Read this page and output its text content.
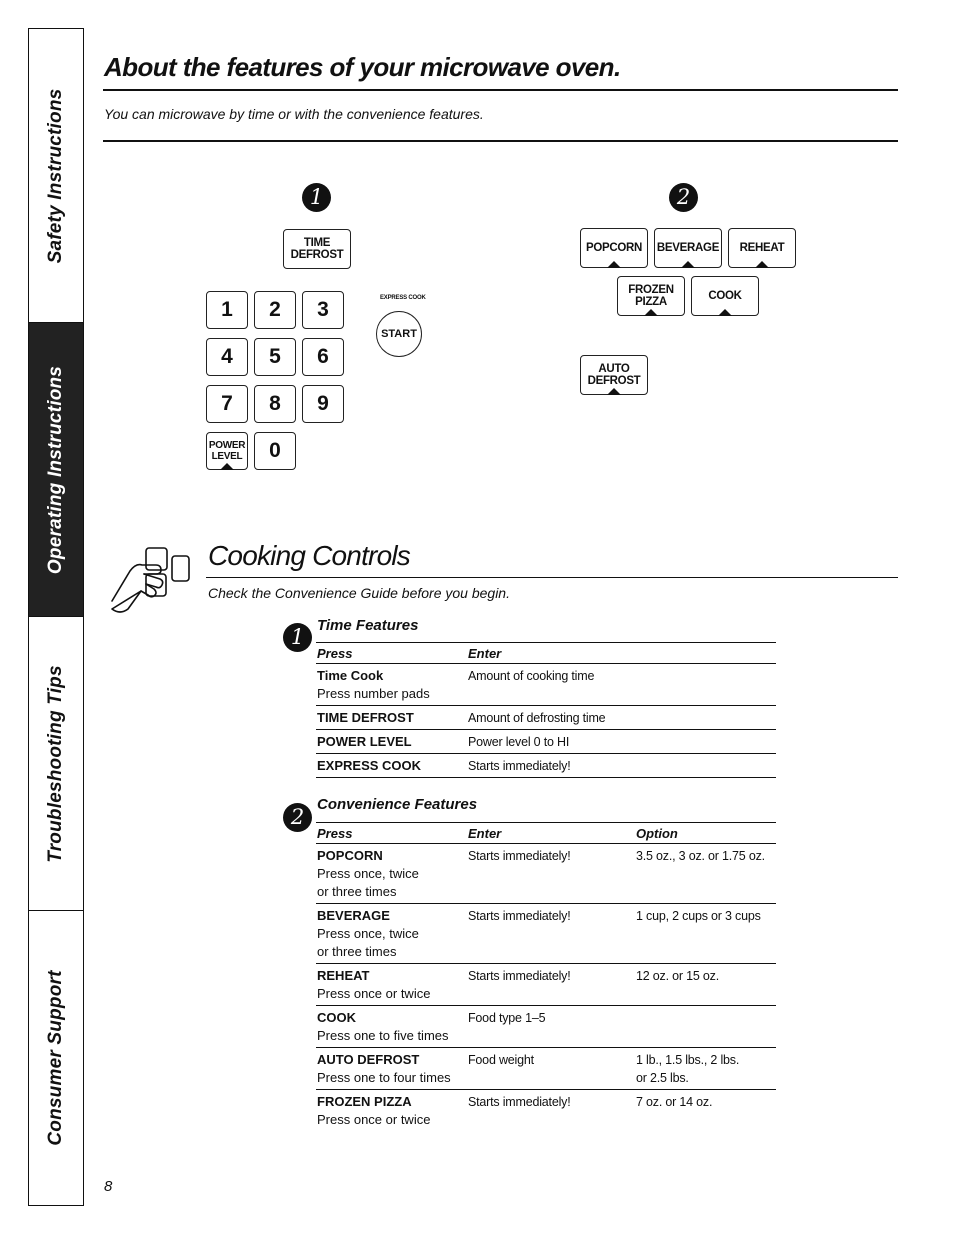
Safety Instructions
Operating Instructions
Troubleshooting Tips
Consumer Support
About the features of your microwave oven.
You can microwave by time or with the convenience features.
1	2
TIME
DEFROST
1	2	3
4	5	6
7	8	9
POWER
LEVEL	0
EXPRESS COOK
START
POPCORN BEVERAGE REHEAT
FROZEN
PIZZA	COOK
AUTO
DEFROST
Cooking Controls
Check the Convenience Guide before you begin.
1 Time Features
Press	Enter
Time Cook
Press number pads	Amount of cooking time
TIME DEFROST	Amount of defrosting time
POWER LEVEL	Power level 0 to HI
EXPRESS COOK	Starts immediately!
2
Convenience Features
Press	Enter	Option
POPCORN
Press once, twice
or three times	Starts immediately!	3.5 oz., 3 oz. or 1.75 oz.
BEVERAGE
Press once, twice
or three times	Starts immediately!	1 cup, 2 cups or 3 cups
REHEAT
Press once or twice	Starts immediately!	12 oz. or 15 oz.
COOK
Press one to five times	Food type 1–5	
AUTO DEFROST
Press one to four times	Food weight	1 lb., 1.5 lbs., 2 lbs.
or 2.5 lbs.
FROZEN PIZZA
Press once or twice	Starts immediately!	7 oz. or 14 oz.
8
